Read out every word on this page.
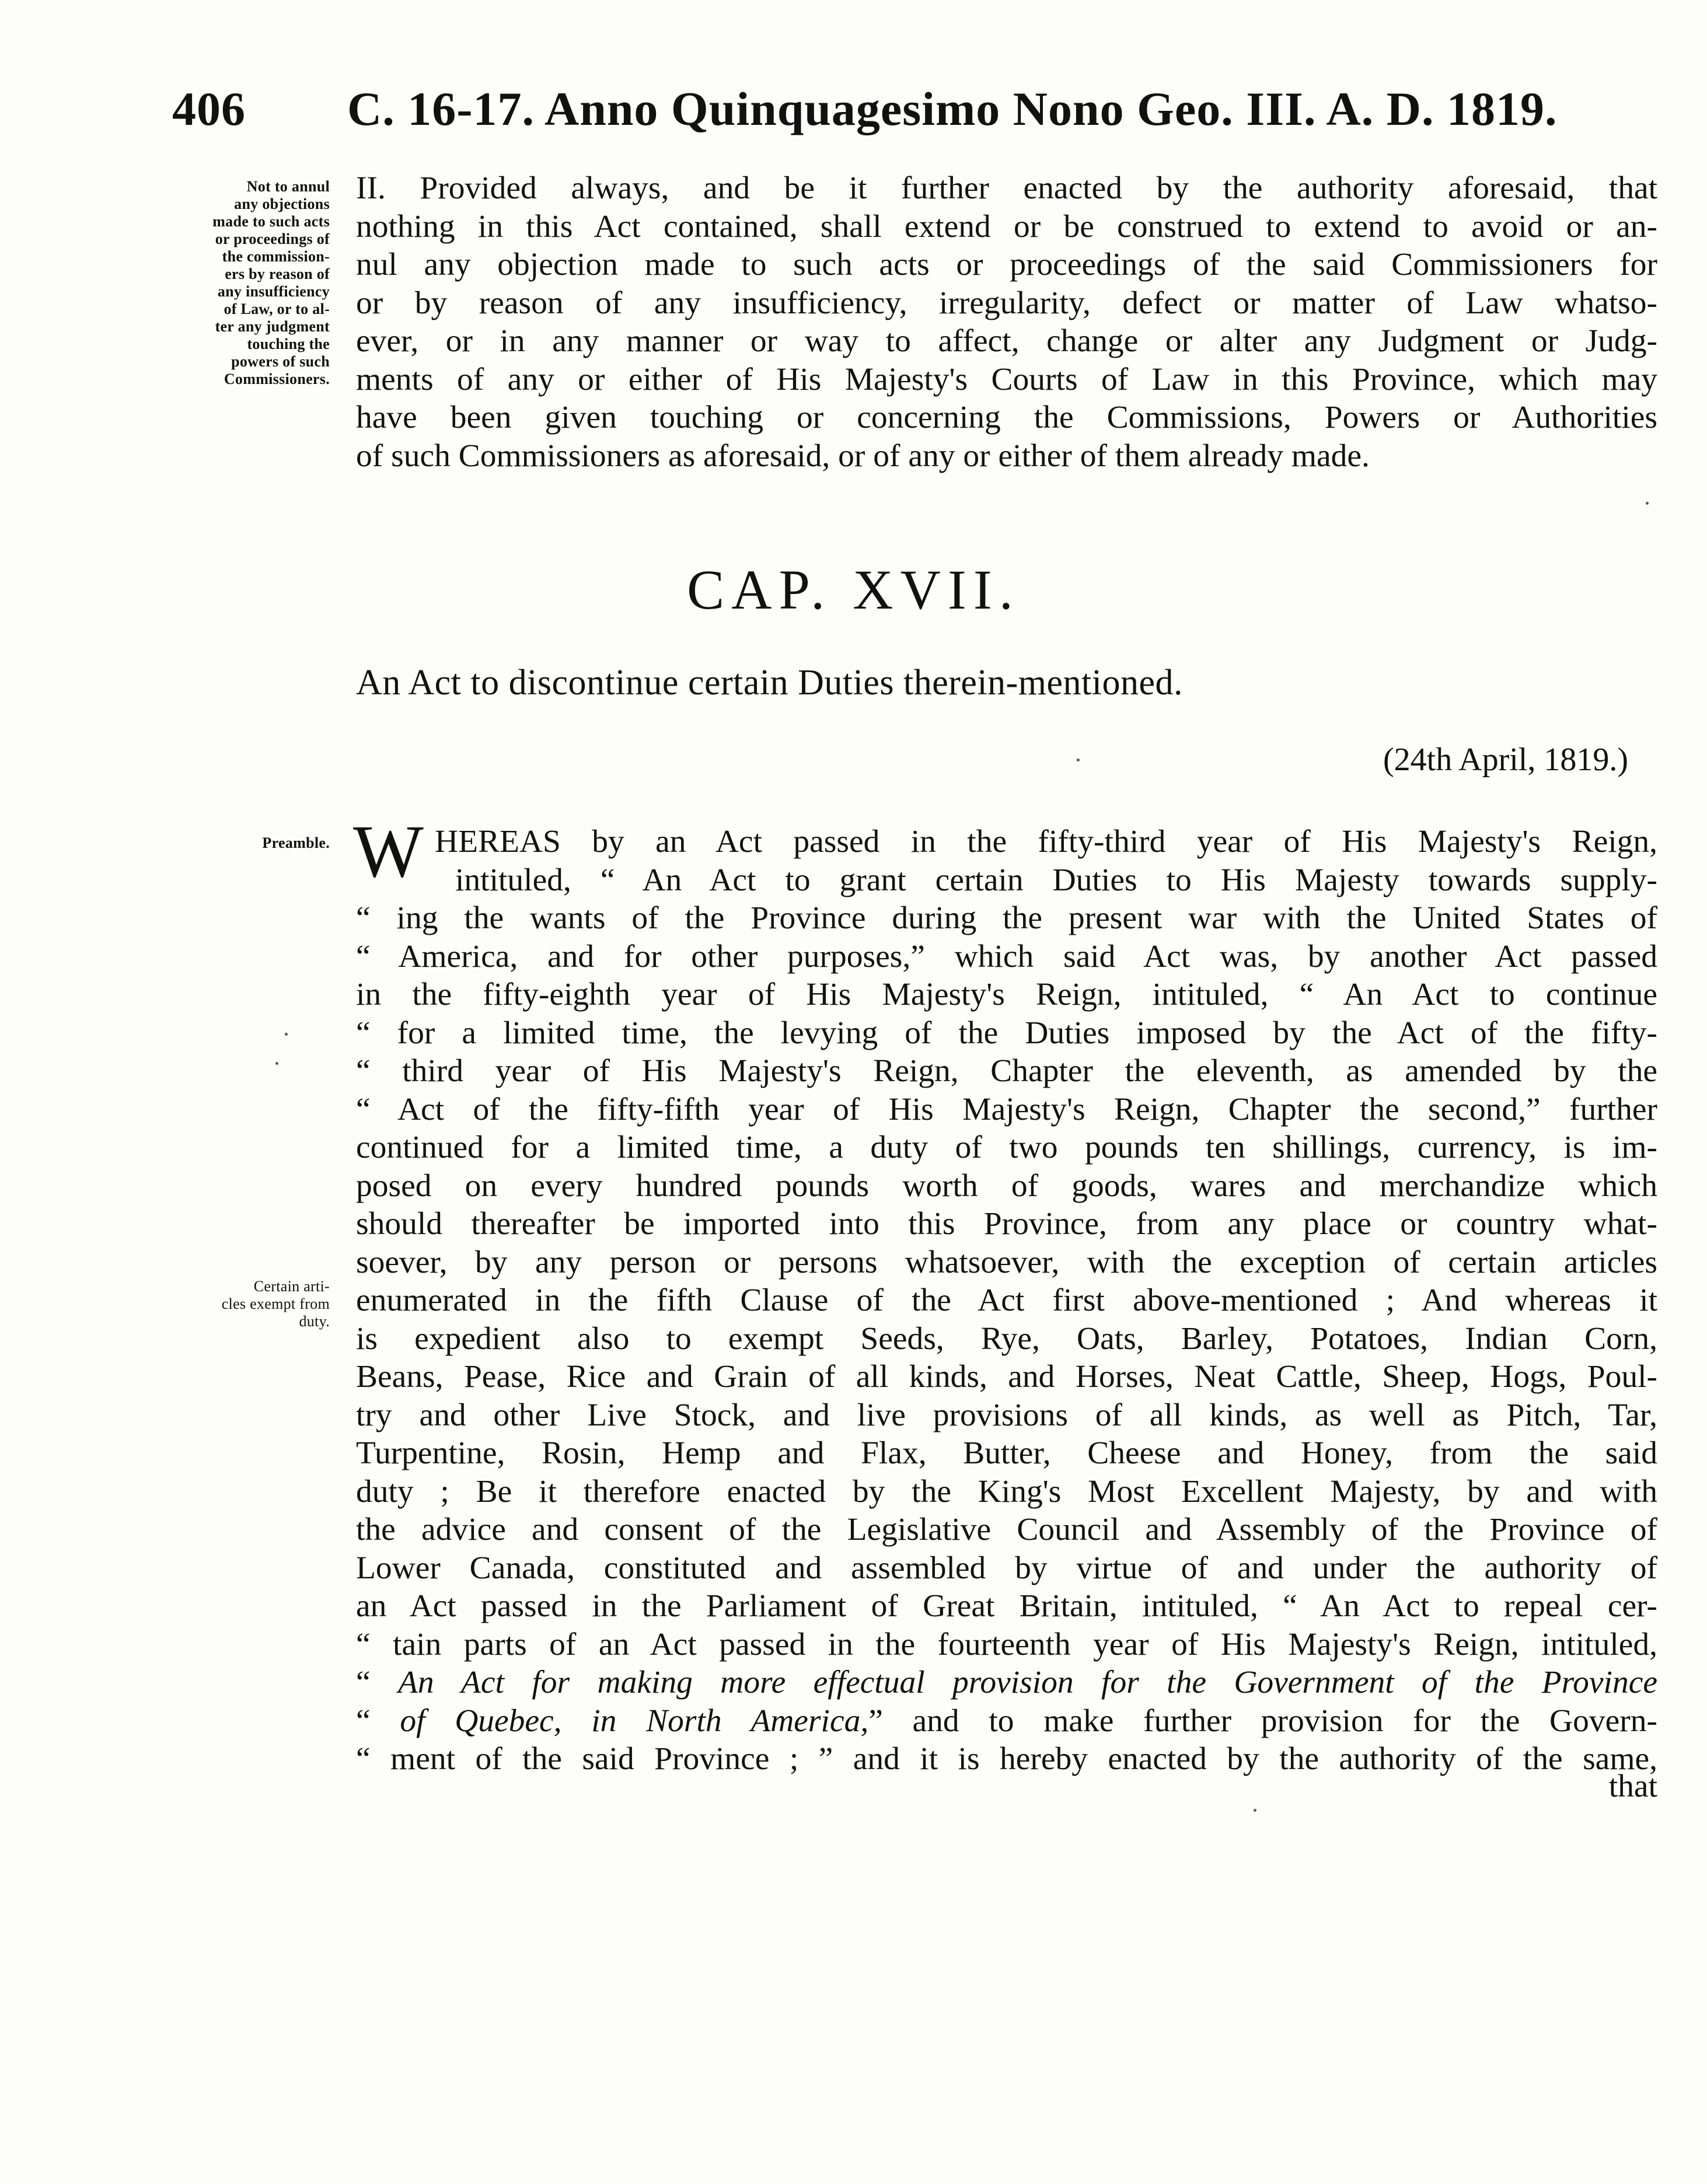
406	C. 16-17. Anno Quinquagesimo Nono Geo. III. A. D. 1819.
Not to annul
any objections
made to such acts
or proceedings of
the commission-
ers by reason of
any insufficiency
of Law, or to al-
ter any judgment
touching the
powers of such
Commissioners.
II. Provided always, and be it further enacted by the authority aforesaid, that
nothing in this Act contained, shall extend or be construed to extend to avoid or an-
nul any objection made to such acts or proceedings of the said Commissioners for
or by reason of any insufficiency, irregularity, defect or matter of Law whatso-
ever, or in any manner or way to affect, change or alter any Judgment or Judg-
ments of any or either of His Majesty's Courts of Law in this Province, which may
have been given touching or concerning the Commissions, Powers or Authorities
of such Commissioners as aforesaid, or of any or either of them already made.
CAP. XVII.
An Act to discontinue certain Duties therein-mentioned.
(24th April, 1819.)
Preamble.
Certain arti-
cles exempt from
duty.
W HEREAS by an Act passed in the fifty-third year of His Majesty's Reign,
intituled, “ An Act to grant certain Duties to His Majesty towards supply-
“ ing the wants of the Province during the present war with the United States of
“ America, and for other purposes,” which said Act was, by another Act passed
in the fifty-eighth year of His Majesty's Reign, intituled, “ An Act to continue
“ for a limited time, the levying of the Duties imposed by the Act of the fifty-
“ third year of His Majesty's Reign, Chapter the eleventh, as amended by the
“ Act of the fifty-fifth year of His Majesty's Reign, Chapter the second,” further
continued for a limited time, a duty of two pounds ten shillings, currency, is im-
posed on every hundred pounds worth of goods, wares and merchandize which
should thereafter be imported into this Province, from any place or country what-
soever, by any person or persons whatsoever, with the exception of certain articles
enumerated in the fifth Clause of the Act first above-mentioned ; And whereas it
is expedient also to exempt Seeds, Rye, Oats, Barley, Potatoes, Indian Corn,
Beans, Pease, Rice and Grain of all kinds, and Horses, Neat Cattle, Sheep, Hogs, Poul-
try and other Live Stock, and live provisions of all kinds, as well as Pitch, Tar,
Turpentine, Rosin, Hemp and Flax, Butter, Cheese and Honey, from the said
duty ; Be it therefore enacted by the King's Most Excellent Majesty, by and with
the advice and consent of the Legislative Council and Assembly of the Province of
Lower Canada, constituted and assembled by virtue of and under the authority of
an Act passed in the Parliament of Great Britain, intituled, “ An Act to repeal cer-
“ tain parts of an Act passed in the fourteenth year of His Majesty's Reign, intituled,
“ An Act for making more effectual provision for the Government of the Province
“ of Quebec, in North America,” and to make further provision for the Govern-
“ ment of the said Province ; ” and it is hereby enacted by the authority of the same,
that
